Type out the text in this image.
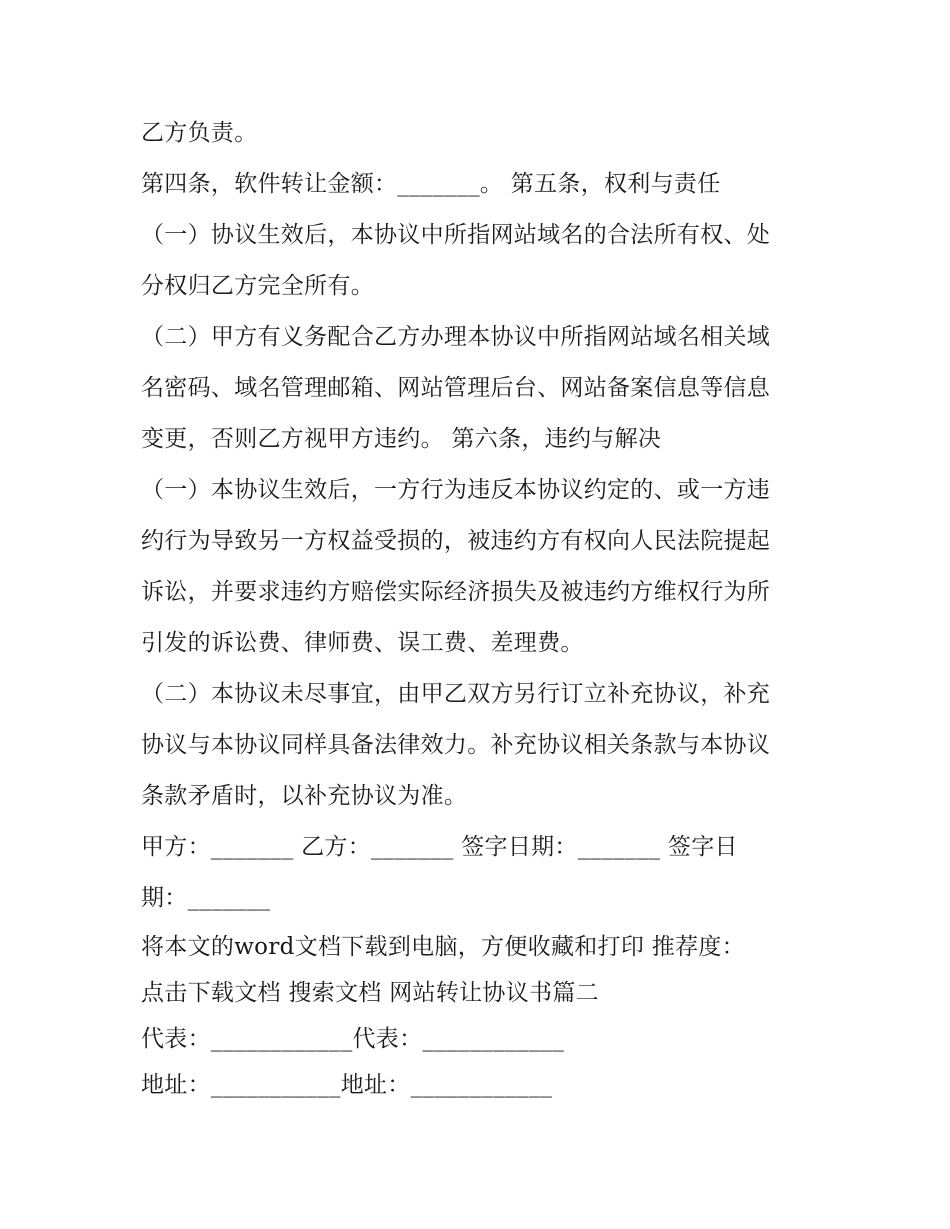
乙方负责。
第四条，软件转让金额：_______。 第五条，权利与责任
（一）协议生效后，本协议中所指网站域名的合法所有权、处
分权归乙方完全所有。
（二）甲方有义务配合乙方办理本协议中所指网站域名相关域
名密码、域名管理邮箱、网站管理后台、网站备案信息等信息
变更，否则乙方视甲方违约。 第六条，违约与解决
（一）本协议生效后，一方行为违反本协议约定的、或一方违
约行为导致另一方权益受损的，被违约方有权向人民法院提起
诉讼，并要求违约方赔偿实际经济损失及被违约方维权行为所
引发的诉讼费、律师费、误工费、差理费。
（二）本协议未尽事宜，由甲乙双方另行订立补充协议，补充
协议与本协议同样具备法律效力。补充协议相关条款与本协议
条款矛盾时，以补充协议为准。
甲方：_______ 乙方：_______ 签字日期：_______ 签字日
期：_______
将本文的word文档下载到电脑，方便收藏和打印 推荐度：
点击下载文档 搜索文档 网站转让协议书篇二
代表：____________代表：____________
地址：___________地址：____________
